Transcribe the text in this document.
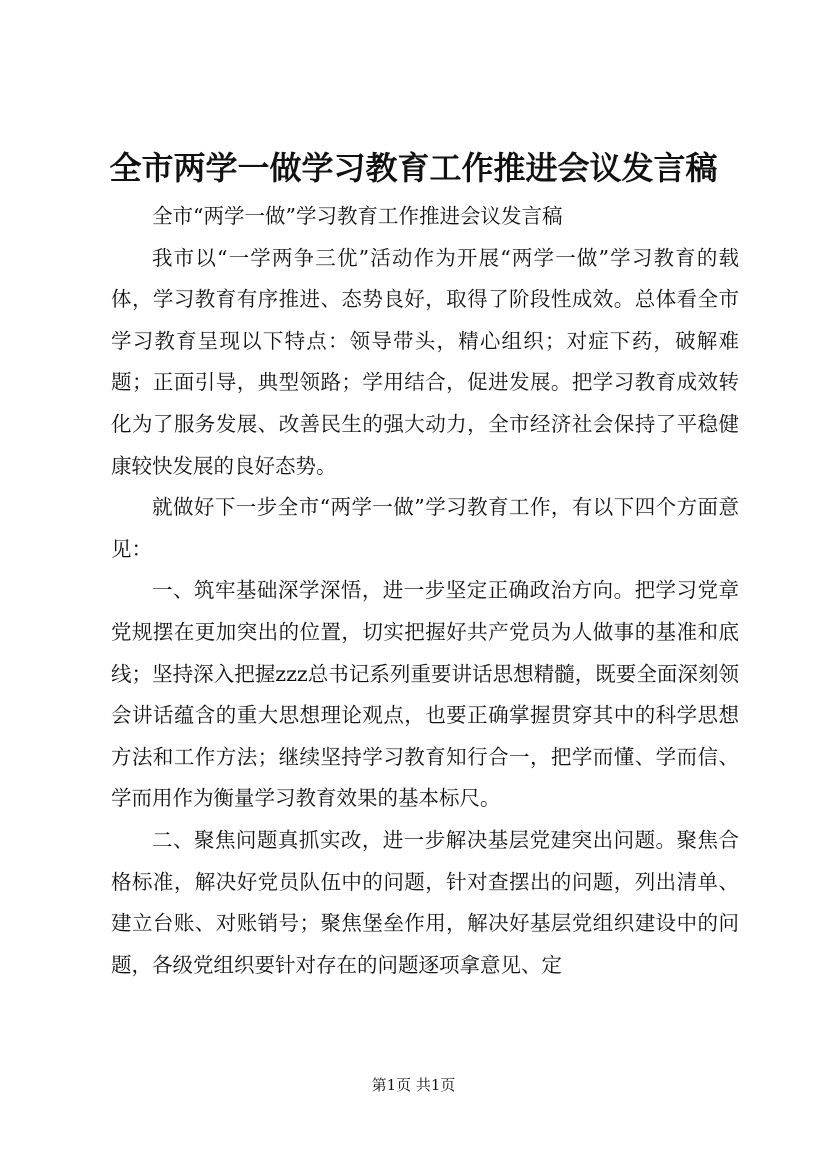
全市两学一做学习教育工作推进会议发言稿

全市“两学一做”学习教育工作推进会议发言稿

我市以“一学两争三优”活动作为开展“两学一做”学习教育的载体，学习教育有序推进、态势良好，取得了阶段性成效。总体看全市学习教育呈现以下特点：领导带头，精心组织；对症下药，破解难题；正面引导，典型领路；学用结合，促进发展。把学习教育成效转化为了服务发展、改善民生的强大动力，全市经济社会保持了平稳健康较快发展的良好态势。

就做好下一步全市“两学一做”学习教育工作，有以下四个方面意见：

一、筑牢基础深学深悟，进一步坚定正确政治方向。把学习党章党规摆在更加突出的位置，切实把握好共产党员为人做事的基准和底线；坚持深入把握zzz总书记系列重要讲话思想精髓，既要全面深刻领会讲话蕴含的重大思想理论观点，也要正确掌握贯穿其中的科学思想方法和工作方法；继续坚持学习教育知行合一，把学而懂、学而信、学而用作为衡量学习教育效果的基本标尺。

二、聚焦问题真抓实改，进一步解决基层党建突出问题。聚焦合格标准，解决好党员队伍中的问题，针对查摆出的问题，列出清单、建立台账、对账销号；聚焦堡垒作用，解决好基层党组织建设中的问题，各级党组织要针对存在的问题逐项拿意见、定

第1页 共1页
